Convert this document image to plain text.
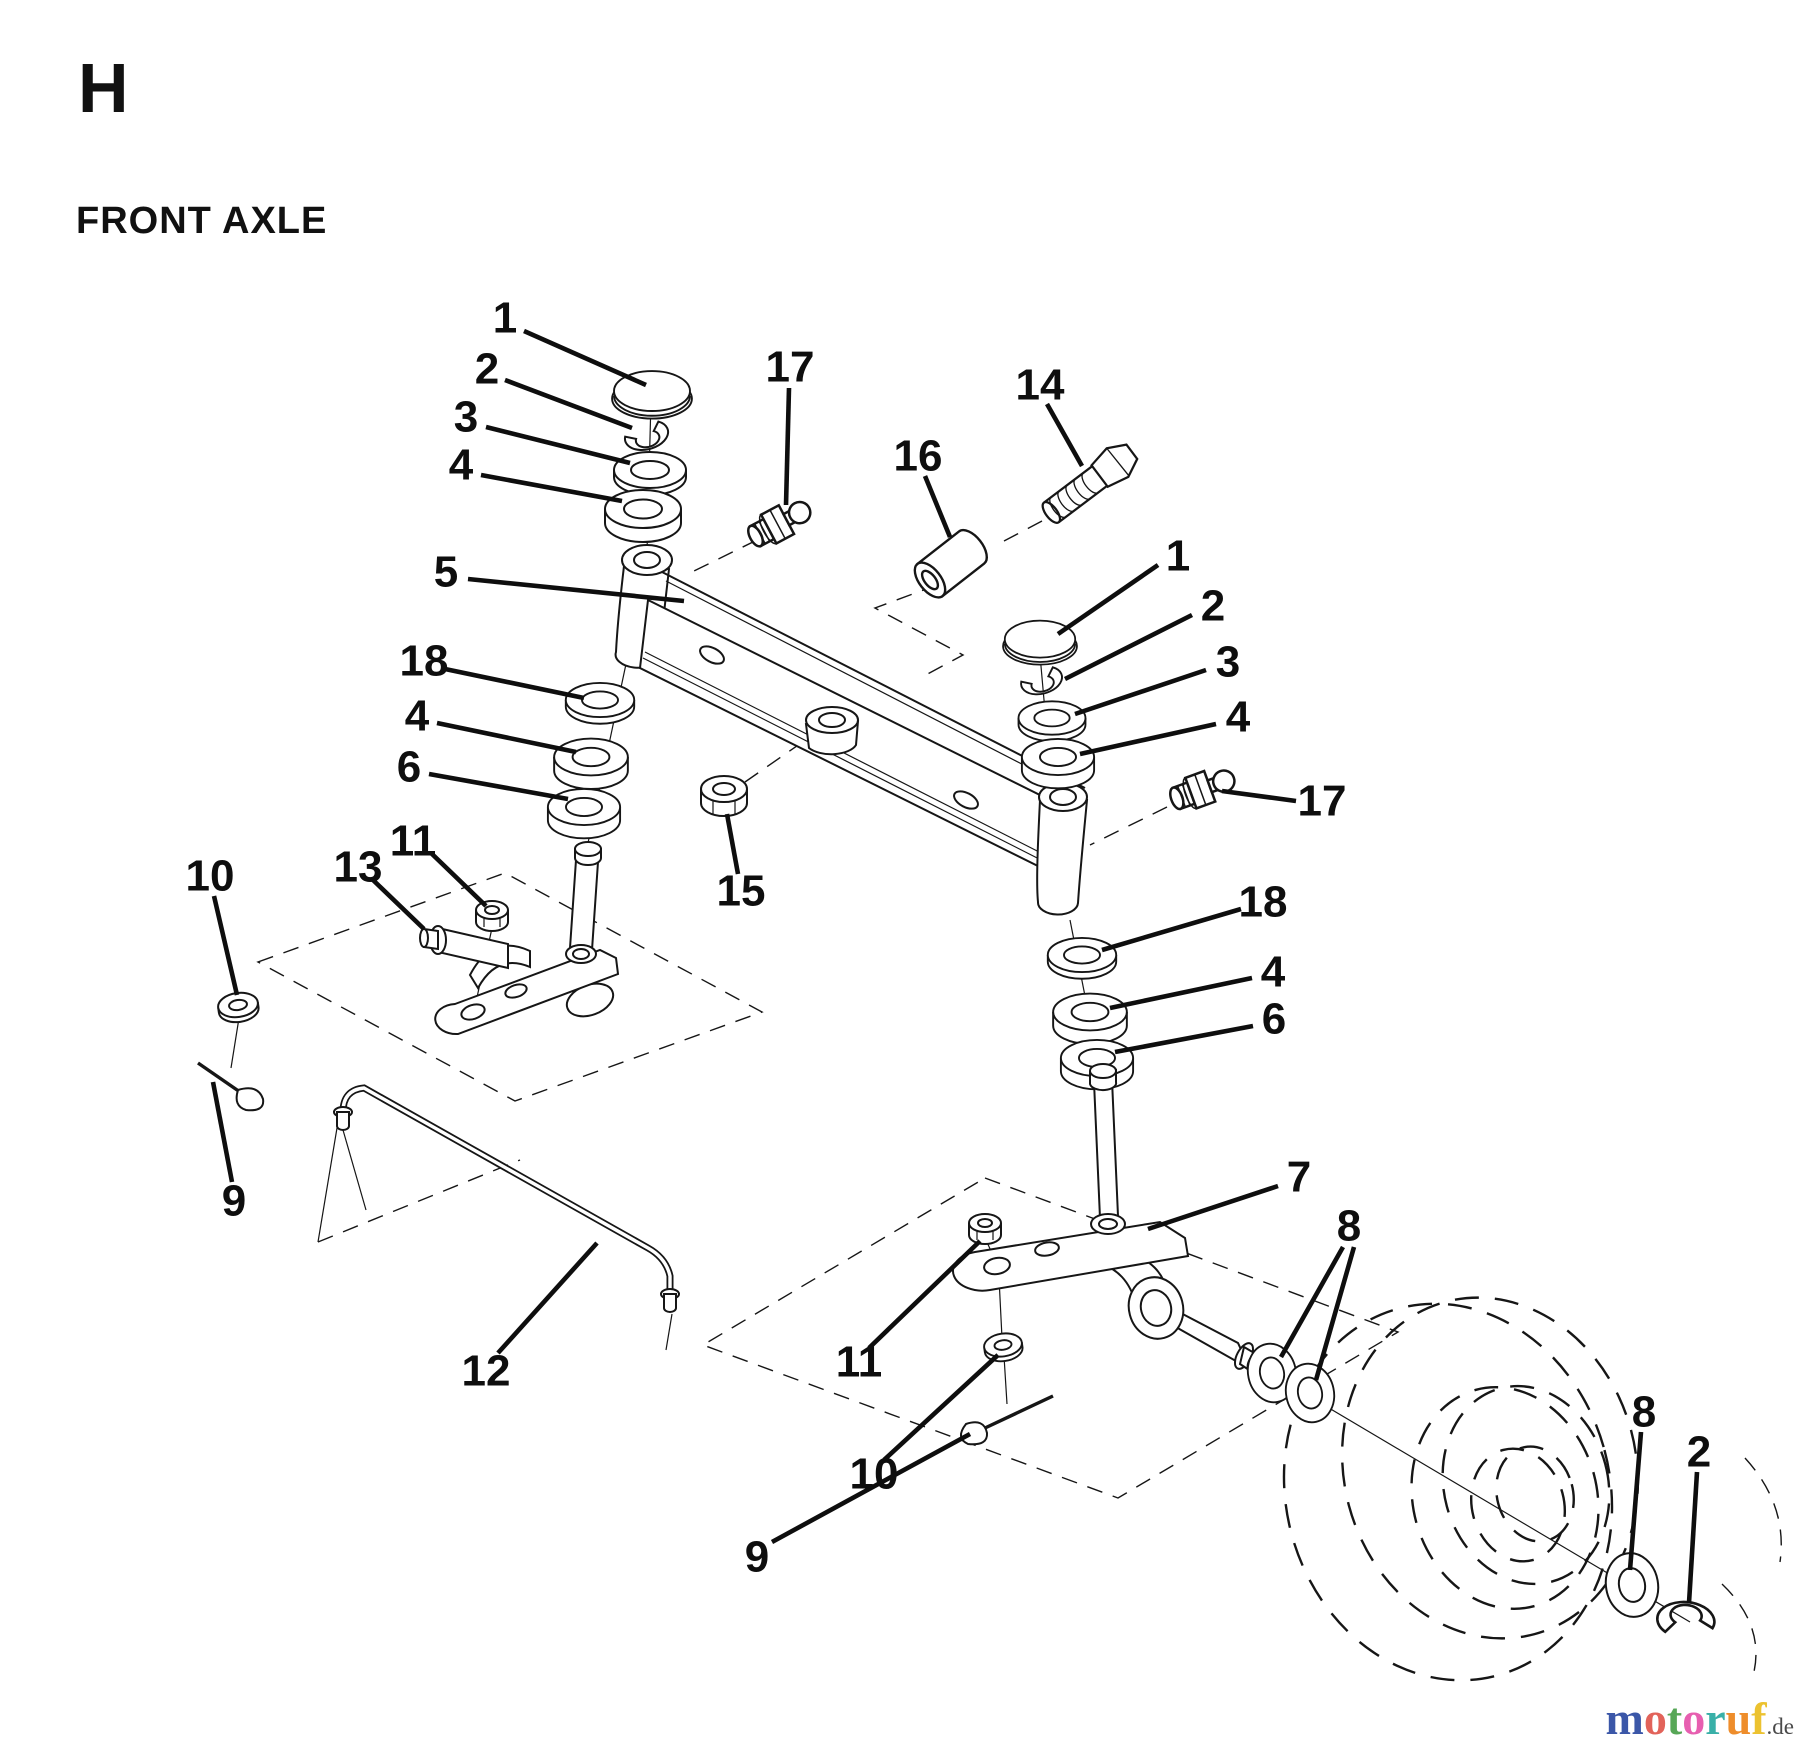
H
FRONT AXLE
1
2
3
4
17
16
14
5	1
2
3
4
17
18
4
6
11
13
10	15
9
18
4
6
7
8
12	11
10
9
8
2
motoruf.de
